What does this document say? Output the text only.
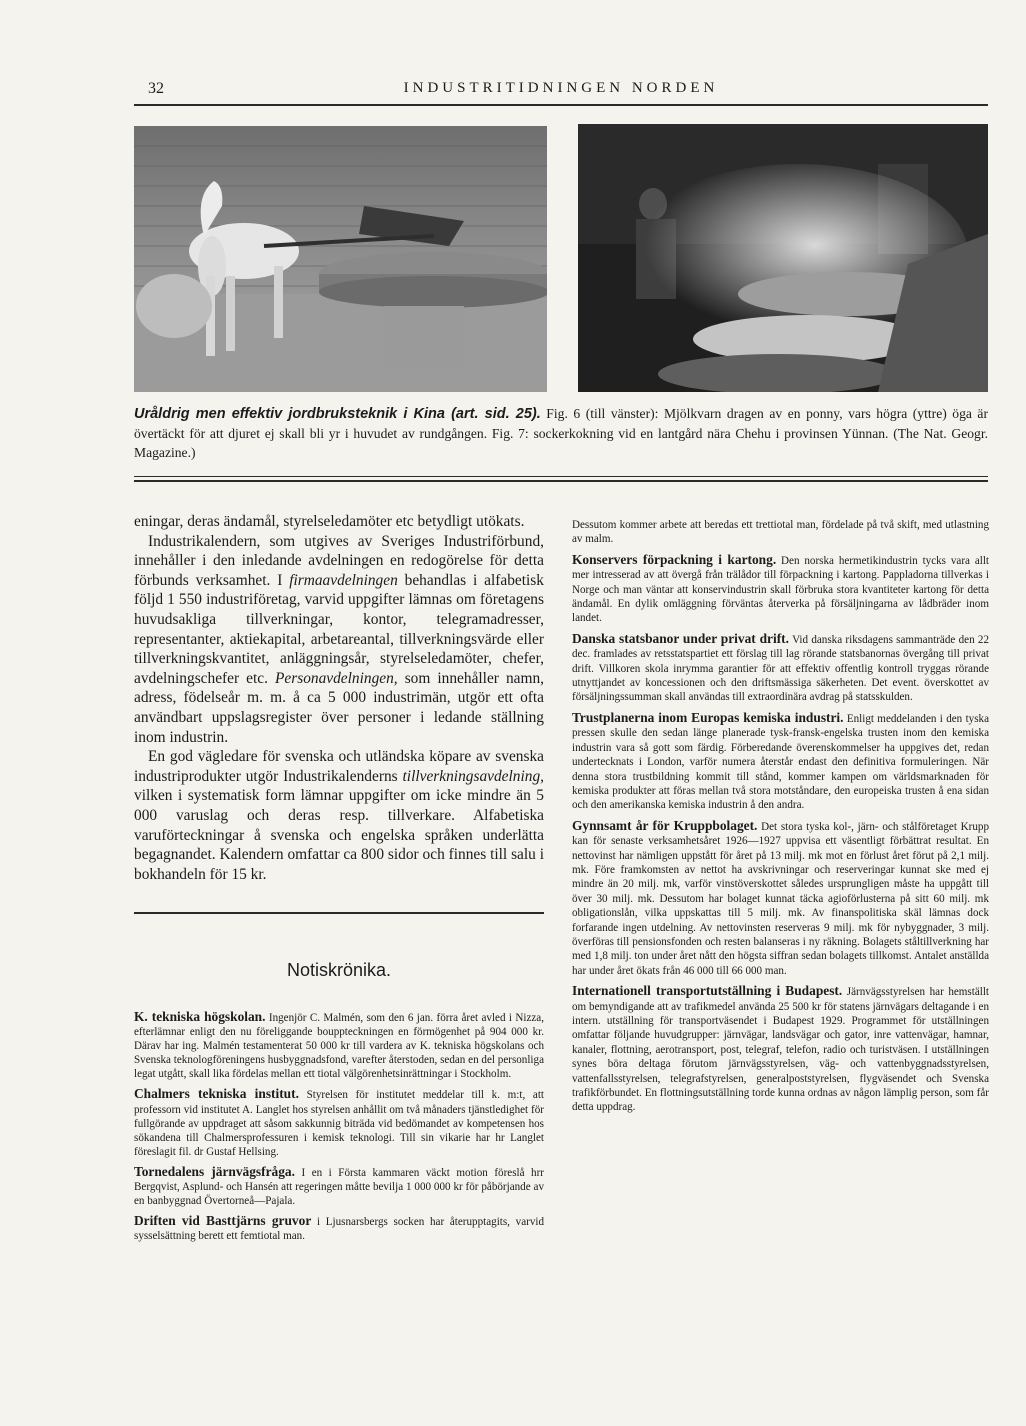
32	INDUSTRITIDNINGEN NORDEN
Uråldrig men effektiv jordbruksteknik i Kina (art. sid. 25). Fig. 6 (till vänster): Mjölkvarn dragen av en ponny, vars högra (yttre) öga är övertäckt för att djuret ej skall bli yr i huvudet av rundgången. Fig. 7: sockerkokning vid en lantgård nära Chehu i provinsen Yünnan. (The Nat. Geogr. Magazine.)

eningar, deras ändamål, styrelseledamöter etc betydligt utökats.

Industrikalendern, som utgives av Sveriges Industriförbund, innehåller i den inledande avdelningen en redogörelse för detta förbunds verksamhet. I firmaavdelningen behandlas i alfabetisk följd 1 550 industriföretag, varvid uppgifter lämnas om företagens huvudsakliga tillverkningar, kontor, telegramadresser, representanter, aktiekapital, arbetareantal, tillverkningsvärde eller tillverkningskvantitet, anläggningsår, styrelseledamöter, chefer, avdelningschefer etc. Personavdelningen, som innehåller namn, adress, födelseår m. m. å ca 5 000 industrimän, utgör ett ofta användbart uppslagsregister över personer i ledande ställning inom industrin.

En god vägledare för svenska och utländska köpare av svenska industriprodukter utgör Industrikalenderns tillverkningsavdelning, vilken i systematisk form lämnar uppgifter om icke mindre än 5 000 varuslag och deras resp. tillverkare. Alfabetiska varuförteckningar å svenska och engelska språken underlätta begagnandet. Kalendern omfattar ca 800 sidor och finnes till salu i bokhandeln för 15 kr.

Notiskrönika.

K. tekniska högskolan. Ingenjör C. Malmén, som den 6 jan. förra året avled i Nizza, efterlämnar enligt den nu föreliggande bouppteckningen en förmögenhet på 904 000 kr. Därav har ing. Malmén testamenterat 50 000 kr till vardera av K. tekniska högskolans och Svenska teknologföreningens husbyggnadsfond, varefter återstoden, sedan en del personliga legat utgått, skall lika fördelas mellan ett tiotal välgörenhetsinrättningar i Stockholm.

Chalmers tekniska institut. Styrelsen för institutet meddelar till k. m:t, att professorn vid institutet A. Langlet hos styrelsen anhållit om två månaders tjänstledighet för fullgörande av uppdraget att såsom sakkunnig biträda vid bedömandet av kompetensen hos sökandena till Chalmersprofessuren i kemisk teknologi. Till sin vikarie har hr Langlet föreslagit fil. dr Gustaf Hellsing.

Tornedalens järnvägsfråga. I en i Första kammaren väckt motion föreslå hrr Bergqvist, Asplund- och Hansén att regeringen måtte bevilja 1 000 000 kr för påbörjande av en banbyggnad Övertorneå—Pajala.

Driften vid Basttjärns gruvor i Ljusnarsbergs socken har återupptagits, varvid sysselsättning berett ett femtiotal man.

Dessutom kommer arbete att beredas ett trettiotal man, fördelade på två skift, med utlastning av malm.

Konservers förpackning i kartong. Den norska hermetikindustrin tycks vara allt mer intresserad av att övergå från trälådor till förpackning i kartong. Pappladorna tillverkas i Norge och man väntar att konservindustrin skall förbruka stora kvantiteter kartong för detta ändamål. En dylik omläggning förväntas återverka på försäljningarna av lådbräder inom landet.

Danska statsbanor under privat drift. Vid danska riksdagens sammanträde den 22 dec. framlades av retsstatspartiet ett förslag till lag rörande statsbanornas övergång till privat drift. Villkoren skola inrymma garantier för att effektiv offentlig kontroll tryggas rörande utnyttjandet av koncessionen och den driftsmässiga säkerheten. Det event. överskottet av försäljningssumman skall användas till extraordinära avdrag på statsskulden.

Trustplanerna inom Europas kemiska industri. Enligt meddelanden i den tyska pressen skulle den sedan länge planerade tysk-fransk-engelska trusten inom den kemiska industrin vara så gott som färdig. Förberedande överenskommelser ha uppgives det, redan undertecknats i London, varför numera återstår endast den definitiva formuleringen. När denna stora trustbildning kommit till stånd, kommer kampen om världsmarknaden för kemiska produkter att föras mellan två stora motståndare, den europeiska trusten å ena sidan och den amerikanska kemiska industrin å den andra.

Gynnsamt år för Kruppbolaget. Det stora tyska kol-, järn- och stålföretaget Krupp kan för senaste verksamhetsåret 1926—1927 uppvisa ett väsentligt förbättrat resultat. En nettovinst har nämligen uppstått för året på 13 milj. mk mot en förlust året förut på 2,1 milj. mk. Före framkomsten av nettot ha avskrivningar och reserveringar kunnat ske med ej mindre än 20 milj. mk, varför vinstöverskottet således ursprungligen måste ha uppgått till över 30 milj. mk. Dessutom har bolaget kunnat täcka agioförlusterna på sitt 60 milj. mk obligationslån, vilka uppskattas till 5 milj. mk. Av finanspolitiska skäl lämnas dock forfarande ingen utdelning. Av nettovinsten reserveras 9 milj. mk för nybyggnader, 3 milj. överföras till pensionsfonden och resten balanseras i ny räkning. Bolagets ståltillverkning har med 1,8 milj. ton under året nått den högsta siffran sedan bolagets tillkomst. Antalet anställda har under året ökats från 46 000 till 66 000 man.

Internationell transportutställning i Budapest. Järnvägsstyrelsen har hemställt om bemyndigande att av trafikmedel använda 25 500 kr för statens järnvägars deltagande i en intern. utställning för transportväsendet i Budapest 1929. Programmet för utställningen omfattar följande huvudgrupper: järnvägar, landsvägar och gator, inre vattenvägar, hamnar, kanaler, flottning, aerotransport, post, telegraf, telefon, radio och turistväsen. I utställningen synes böra deltaga förutom järnvägsstyrelsen, väg- och vattenbyggnadsstyrelsen, vattenfallsstyrelsen, telegrafstyrelsen, generalpoststyrelsen, flygväsendet och Svenska trafikförbundet. En flottningsutställning torde kunna ordnas av någon lämplig person, som får detta uppdrag.
